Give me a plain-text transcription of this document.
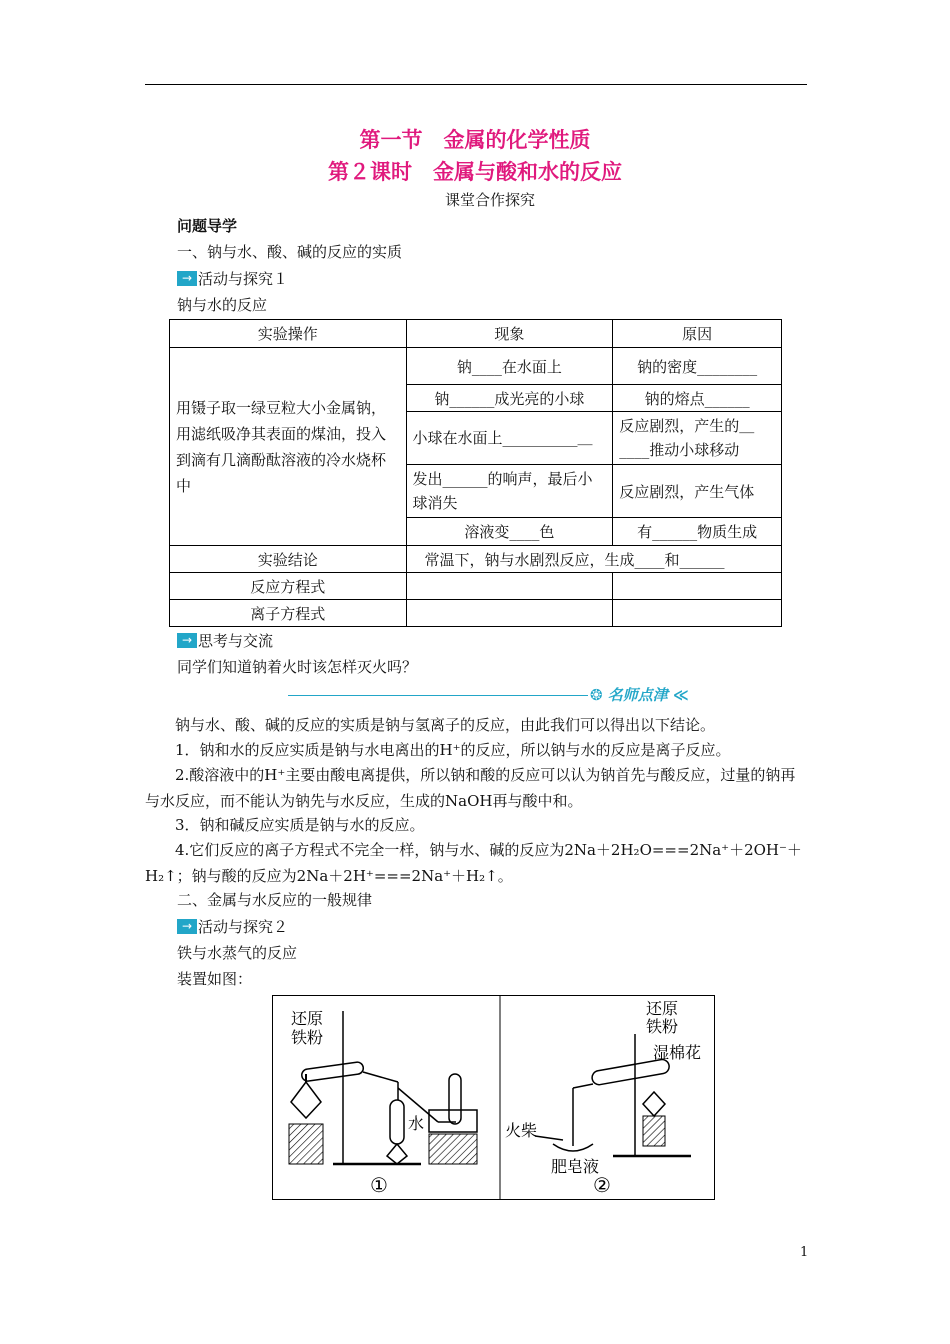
第一节　金属的化学性质
第２课时　金属与酸和水的反应
课堂合作探究
问题导学
一、钠与水、酸、碱的反应的实质
→ 活动与探究１
钠与水的反应
实验操作	现象	原因
用镊子取一绿豆粒大小金属钠，用滤纸吸净其表面的煤油，投入到滴有几滴酚酞溶液的冷水烧杯中	钠____在水面上	钠的密度________
	钠______成光亮的小球	钠的熔点______
	小球在水面上__________＿	反应剧烈，产生的＿____推动小球移动
	发出______的响声，最后小球消失	反应剧烈，产生气体
	溶液变____色	有______物质生成
实验结论	常温下，钠与水剧烈反应，生成____和______	
反应方程式		
离子方程式		
→ 思考与交流
同学们知道钠着火时该怎样灭火吗？
❂ 名师点津 ≪
钠与水、酸、碱的反应的实质是钠与氢离子的反应，由此我们可以得出以下结论。
1．钠和水的反应实质是钠与水电离出的H⁺的反应，所以钠与水的反应是离子反应。
2.酸溶液中的H⁺主要由酸电离提供，所以钠和酸的反应可以认为钠首先与酸反应，过量的钠再与水反应，而不能认为钠先与水反应，生成的NaOH再与酸中和。
3．钠和碱反应实质是钠与水的反应。
4.它们反应的离子方程式不完全一样，钠与水、碱的反应为2Na＋2H₂O===2Na⁺＋2OH⁻＋H₂↑；钠与酸的反应为2Na＋2H⁺===2Na⁺＋H₂↑。
二、金属与水反应的一般规律
→ 活动与探究２
铁与水蒸气的反应
装置如图：
还原
铁粉
水
①
还原
铁粉
湿棉花
火柴
肥皂液
②
1
